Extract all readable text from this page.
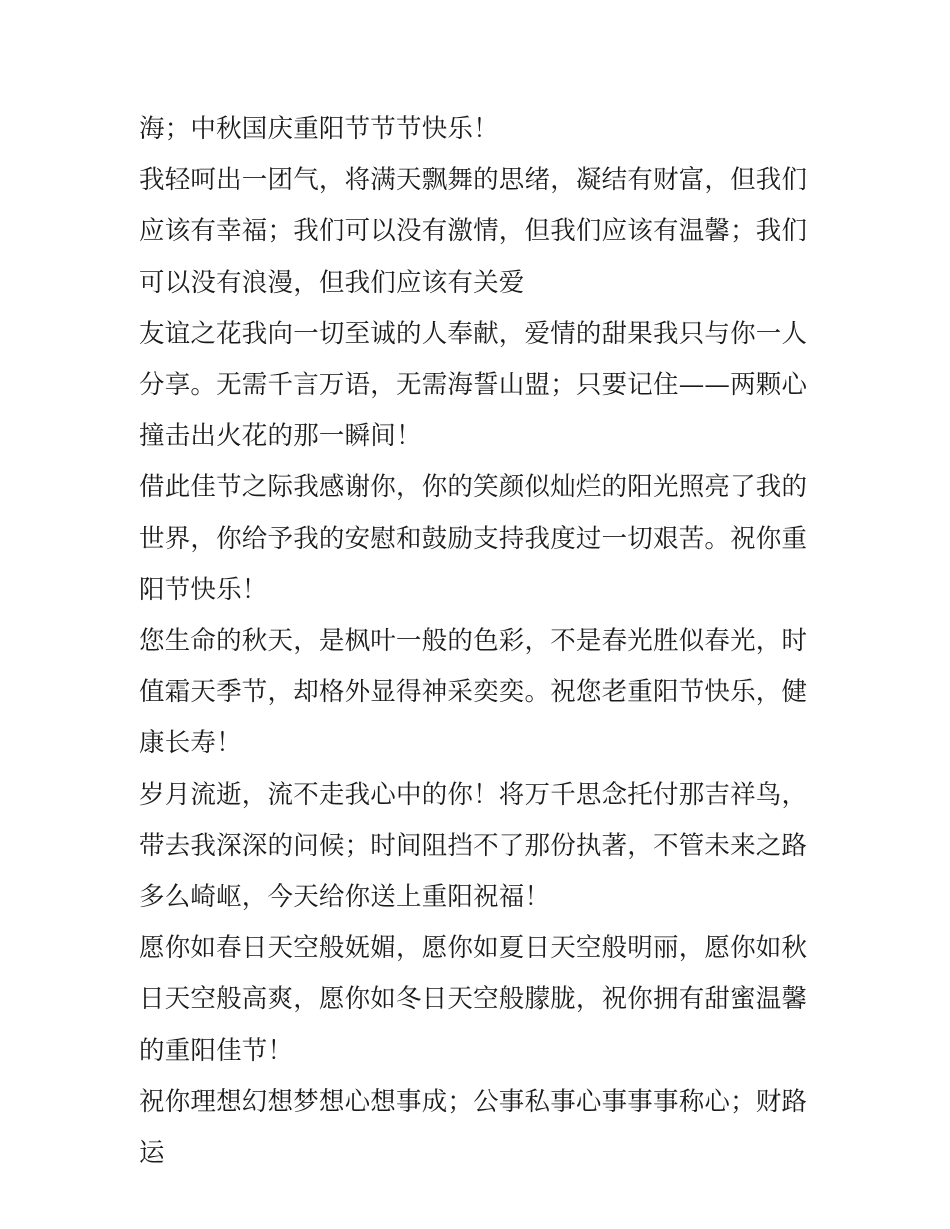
海；中秋国庆重阳节节节快乐！

我轻呵出一团气，将满天飘舞的思绪，凝结有财富，但我们应该有幸福；我们可以没有激情，但我们应该有温馨；我们可以没有浪漫，但我们应该有关爱

友谊之花我向一切至诚的人奉献，爱情的甜果我只与你一人分享。无需千言万语，无需海誓山盟；只要记住——两颗心撞击出火花的那一瞬间！

借此佳节之际我感谢你，你的笑颜似灿烂的阳光照亮了我的世界，你给予我的安慰和鼓励支持我度过一切艰苦。祝你重阳节快乐！

您生命的秋天，是枫叶一般的色彩，不是春光胜似春光，时值霜天季节，却格外显得神采奕奕。祝您老重阳节快乐，健康长寿！

岁月流逝，流不走我心中的你！将万千思念托付那吉祥鸟，带去我深深的问候；时间阻挡不了那份执著，不管未来之路多么崎岖，今天给你送上重阳祝福！

愿你如春日天空般妩媚，愿你如夏日天空般明丽，愿你如秋日天空般高爽，愿你如冬日天空般朦胧，祝你拥有甜蜜温馨的重阳佳节！

祝你理想幻想梦想心想事成；公事私事心事事事称心；财路运
